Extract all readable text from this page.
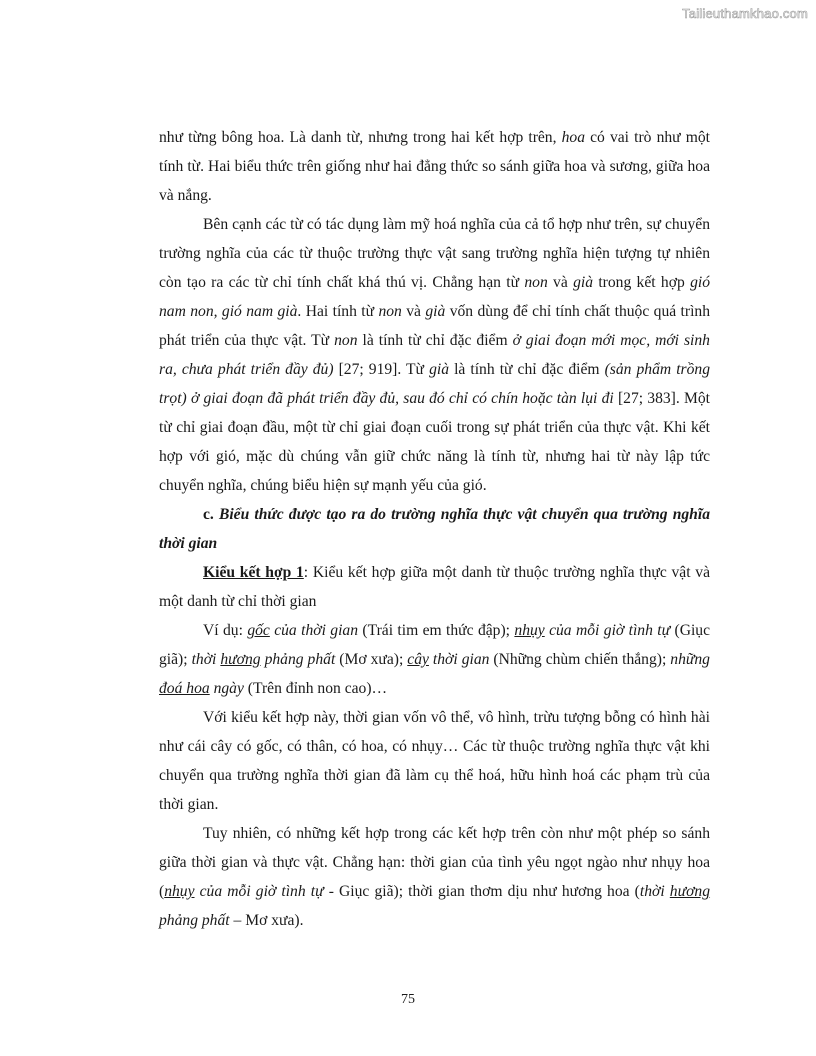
Tailieuthamkhao.com

như từng bông hoa. Là danh từ, nhưng trong hai kết hợp trên, hoa có vai trò như một tính từ. Hai biểu thức trên giống như hai đẳng thức so sánh giữa hoa và sương, giữa hoa và nắng.

Bên cạnh các từ có tác dụng làm mỹ hoá nghĩa của cả tổ hợp như trên, sự chuyển trường nghĩa của các từ thuộc trường thực vật sang trường nghĩa hiện tượng tự nhiên còn tạo ra các từ chỉ tính chất khá thú vị. Chẳng hạn từ non và già trong kết hợp gió nam non, gió nam già. Hai tính từ non và già vốn dùng để chỉ tính chất thuộc quá trình phát triển của thực vật. Từ non là tính từ chỉ đặc điểm ở giai đoạn mới mọc, mới sinh ra, chưa phát triển đầy đủ) [27; 919]. Từ già là tính từ chỉ đặc điểm (sản phẩm trồng trọt) ở giai đoạn đã phát triển đầy đủ, sau đó chỉ có chín hoặc tàn lụi đi [27; 383]. Một từ chỉ giai đoạn đầu, một từ chỉ giai đoạn cuối trong sự phát triển của thực vật. Khi kết hợp với gió, mặc dù chúng vẫn giữ chức năng là tính từ, nhưng hai từ này lập tức chuyển nghĩa, chúng biểu hiện sự mạnh yếu của gió.

c. Biểu thức được tạo ra do trường nghĩa thực vật chuyển qua trường nghĩa thời gian

Kiểu kết hợp 1: Kiểu kết hợp giữa một danh từ thuộc trường nghĩa thực vật và một danh từ chỉ thời gian

Ví dụ: gốc của thời gian (Trái tim em thức đập); nhụy của mỗi giờ tình tự (Giục giã); thời hương phảng phất (Mơ xưa); cây thời gian (Những chùm chiến thắng); những đoá hoa ngày (Trên đỉnh non cao)…

Với kiểu kết hợp này, thời gian vốn vô thể, vô hình, trừu tượng bỗng có hình hài như cái cây có gốc, có thân, có hoa, có nhụy… Các từ thuộc trường nghĩa thực vật khi chuyển qua trường nghĩa thời gian đã làm cụ thể hoá, hữu hình hoá các phạm trù của thời gian.

Tuy nhiên, có những kết hợp trong các kết hợp trên còn như một phép so sánh giữa thời gian và thực vật. Chẳng hạn: thời gian của tình yêu ngọt ngào như nhụy hoa (nhụy của mỗi giờ tình tự - Giục giã); thời gian thơm dịu như hương hoa (thời hương phảng phất – Mơ xưa).

75
